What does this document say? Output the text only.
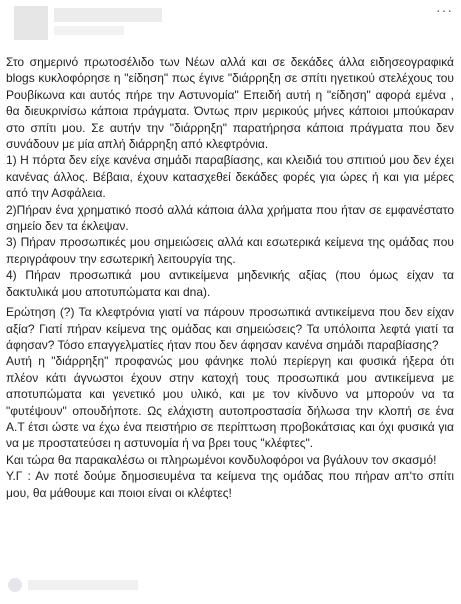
···

Στο σημερινό πρωτοσέλιδο των Νέων αλλά και σε δεκάδες άλλα ειδησεογραφικά blogs κυκλοφόρησε η "είδηση" πως έγινε "διάρρηξη σε σπίτι ηγετικού στελέχους του Ρουβίκωνα και αυτός πήρε την Αστυνομία" Επειδή αυτή η "είδηση" αφορά εμένα , θα διευκρινίσω κάποια πράγματα. Όντως πριν μερικούς μήνες κάποιοι μπούκαραν στο σπίτι μου. Σε αυτήν την "διάρρηξη" παρατήρησα κάποια πράγματα που δεν συνάδουν με μία απλή διάρρηξη από κλεφτρόνια.

1) Η πόρτα δεν είχε κανένα σημάδι παραβίασης, και κλειδιά του σπιτιού μου δεν έχει κανένας άλλος. Βέβαια, έχουν κατασχεθεί δεκάδες φορές για ώρες ή και για μέρες από την Ασφάλεια.

2)Πήραν ένα χρηματικό ποσό αλλά κάποια άλλα χρήματα που ήταν σε εμφανέστατο σημείο δεν τα έκλεψαν.

3) Πήραν προσωπικές μου σημειώσεις αλλά και εσωτερικά κείμενα της ομάδας που περιγράφουν την εσωτερική λειτουργία της.

4) Πήραν προσωπικά μου αντικείμενα μηδενικής αξίας (που όμως είχαν τα δακτυλικά μου αποτυπώματα και dna).

Ερώτηση (?) Τα κλεφτρόνια γιατί να πάρουν προσωπικά αντικείμενα που δεν είχαν αξία? Γιατί πήραν κείμενα της ομάδας και σημειώσεις? Τα υπόλοιπα λεφτά γιατί τα άφησαν? Τόσο επαγγελματίες ήταν που δεν άφησαν κανένα σημάδι παραβίασης?

Αυτή η "διάρρηξη" προφανώς μου φάνηκε πολύ περίεργη και φυσικά ήξερα ότι πλέον κάτι άγνωστοι έχουν στην κατοχή τους προσωπικά μου αντικείμενα με αποτυπώματα και γενετικό μου υλικό, και με τον κίνδυνο να μπορούν να τα "φυτέψουν" οπουδήποτε. Ως ελάχιστη αυτοπροστασία δήλωσα την κλοπή σε ένα Α.Τ έτσι ώστε να έχω ένα πειστήριο σε περίπτωση προβοκάτσιας και όχι φυσικά για να με προστατεύσει η αστυνομία ή να βρει τους "κλέφτες".

Και τώρα θα παρακαλέσω οι πληρωμένοι κονδυλοφόροι να βγάλουν τον σκασμό!

Υ.Γ : Αν ποτέ δούμε δημοσιευμένα τα κείμενα της ομάδας που πήραν απ'το σπίτι μου, θα μάθουμε και ποιοι είναι οι κλέφτες!
